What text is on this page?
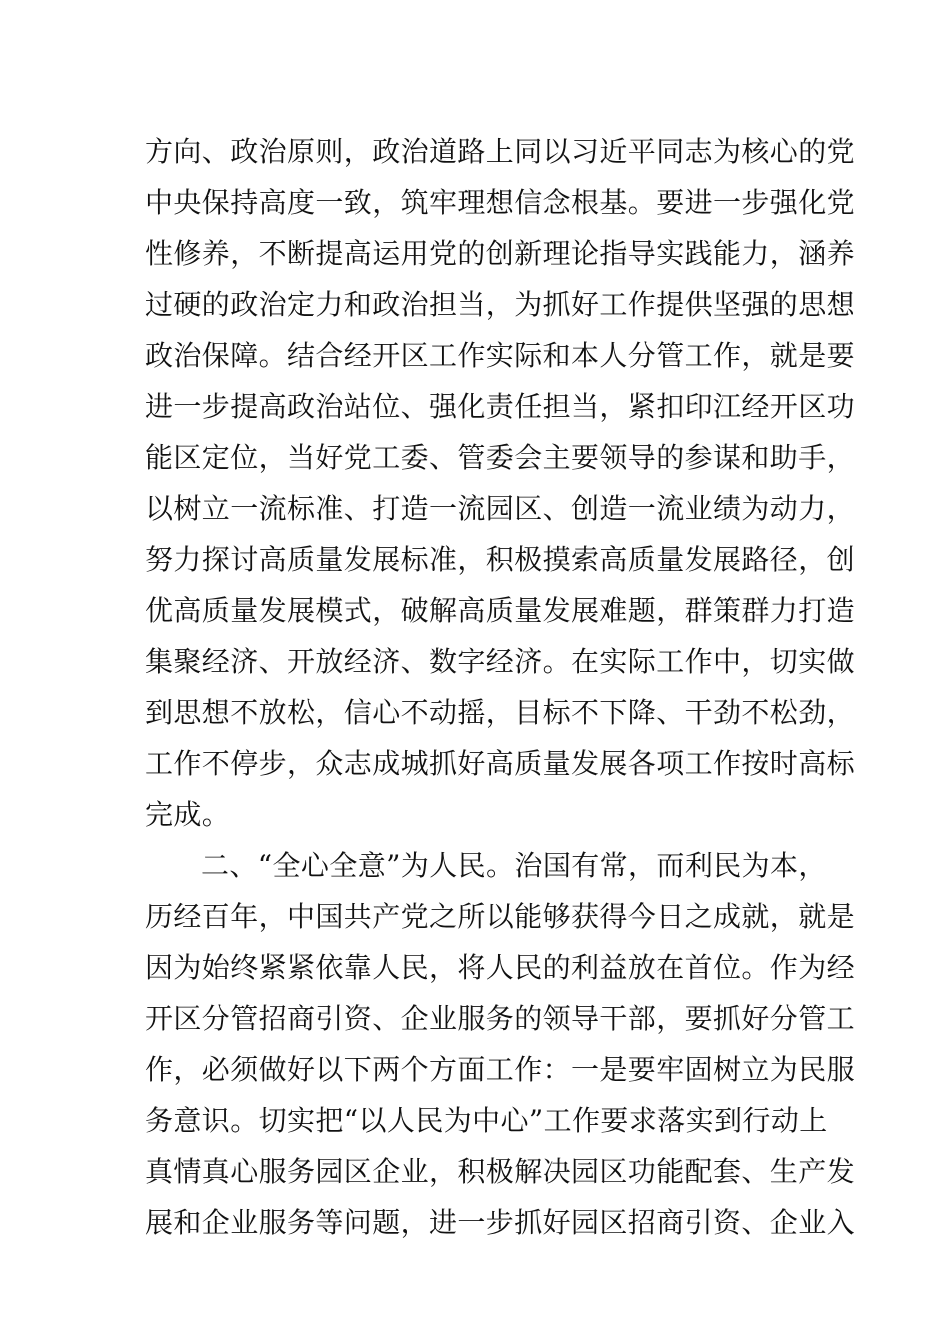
方向、政治原则，政治道路上同以习近平同志为核心的党
中央保持高度一致，筑牢理想信念根基。要进一步强化党
性修养，不断提高运用党的创新理论指导实践能力，涵养
过硬的政治定力和政治担当，为抓好工作提供坚强的思想
政治保障。结合经开区工作实际和本人分管工作，就是要
进一步提高政治站位、强化责任担当，紧扣印江经开区功
能区定位，当好党工委、管委会主要领导的参谋和助手，
以树立一流标准、打造一流园区、创造一流业绩为动力，
努力探讨高质量发展标准，积极摸索高质量发展路径，创
优高质量发展模式，破解高质量发展难题，群策群力打造
集聚经济、开放经济、数字经济。在实际工作中，切实做
到思想不放松，信心不动摇，目标不下降、干劲不松劲，
工作不停步，众志成城抓好高质量发展各项工作按时高标
完成。
二、“全心全意”为人民。治国有常，而利民为本，
历经百年，中国共产党之所以能够获得今日之成就，就是
因为始终紧紧依靠人民，将人民的利益放在首位。作为经
开区分管招商引资、企业服务的领导干部，要抓好分管工
作，必须做好以下两个方面工作：一是要牢固树立为民服
务意识。切实把“以人民为中心”工作要求落实到行动上
真情真心服务园区企业，积极解决园区功能配套、生产发
展和企业服务等问题，进一步抓好园区招商引资、企业入
